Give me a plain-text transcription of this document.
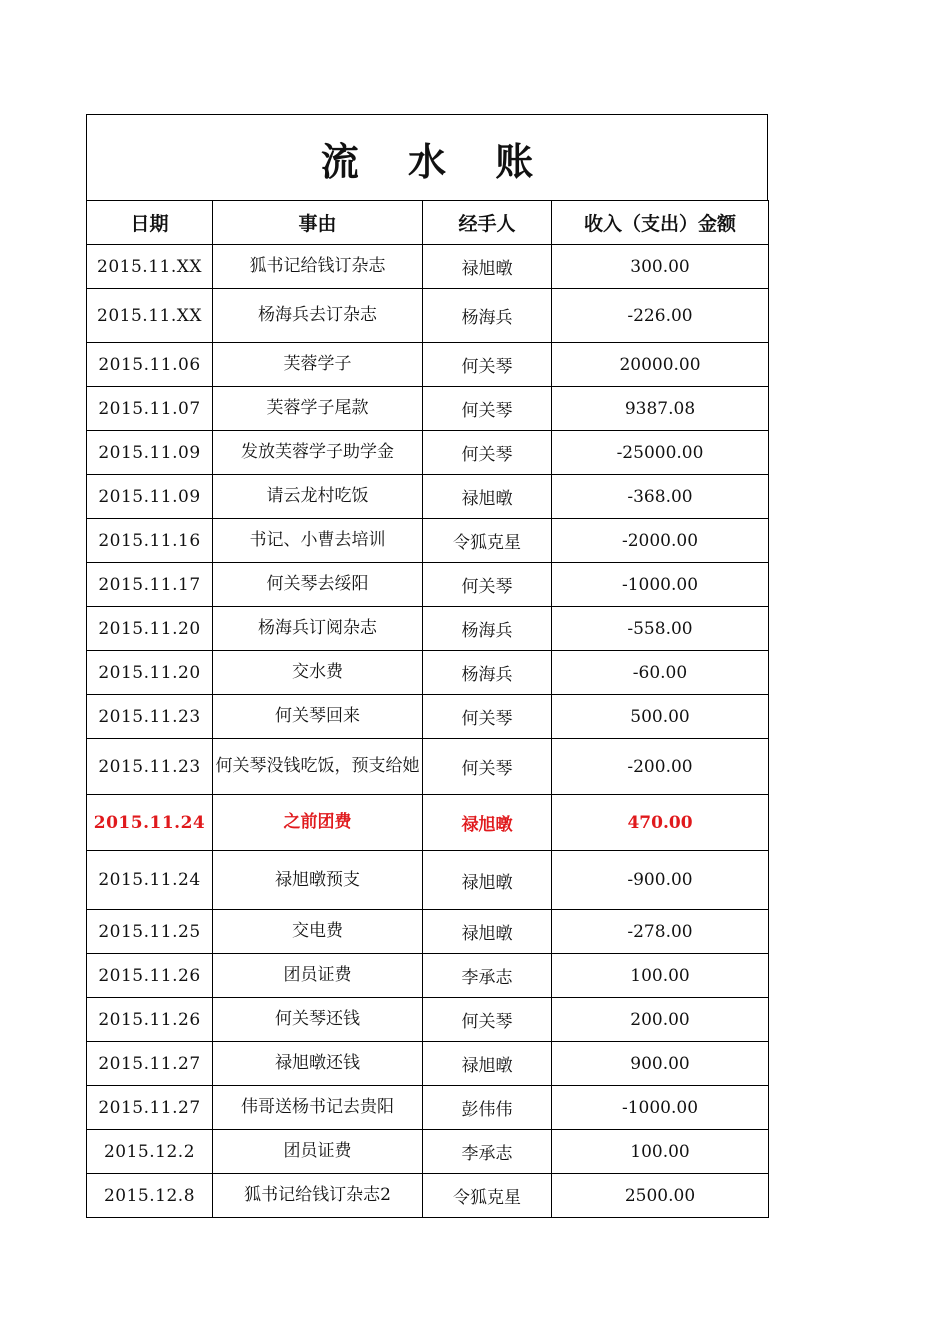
流 水 账
日期	事由	经手人	收入（支出）金额
2015.11.XX	狐书记给钱订杂志	禄旭暾	300.00
2015.11.XX	杨海兵去订杂志	杨海兵	-226.00
2015.11.06	芙蓉学子	何关琴	20000.00
2015.11.07	芙蓉学子尾款	何关琴	9387.08
2015.11.09	发放芙蓉学子助学金	何关琴	-25000.00
2015.11.09	请云龙村吃饭	禄旭暾	-368.00
2015.11.16	书记、小曹去培训	令狐克星	-2000.00
2015.11.17	何关琴去绥阳	何关琴	-1000.00
2015.11.20	杨海兵订阅杂志	杨海兵	-558.00
2015.11.20	交水费	杨海兵	-60.00
2015.11.23	何关琴回来	何关琴	500.00
2015.11.23	何关琴没钱吃饭，预支给她	何关琴	-200.00
2015.11.24	之前团费	禄旭暾	470.00
2015.11.24	禄旭暾预支	禄旭暾	-900.00
2015.11.25	交电费	禄旭暾	-278.00
2015.11.26	团员证费	李承志	100.00
2015.11.26	何关琴还钱	何关琴	200.00
2015.11.27	禄旭暾还钱	禄旭暾	900.00
2015.11.27	伟哥送杨书记去贵阳	彭伟伟	-1000.00
2015.12.2	团员证费	李承志	100.00
2015.12.8	狐书记给钱订杂志2	令狐克星	2500.00
